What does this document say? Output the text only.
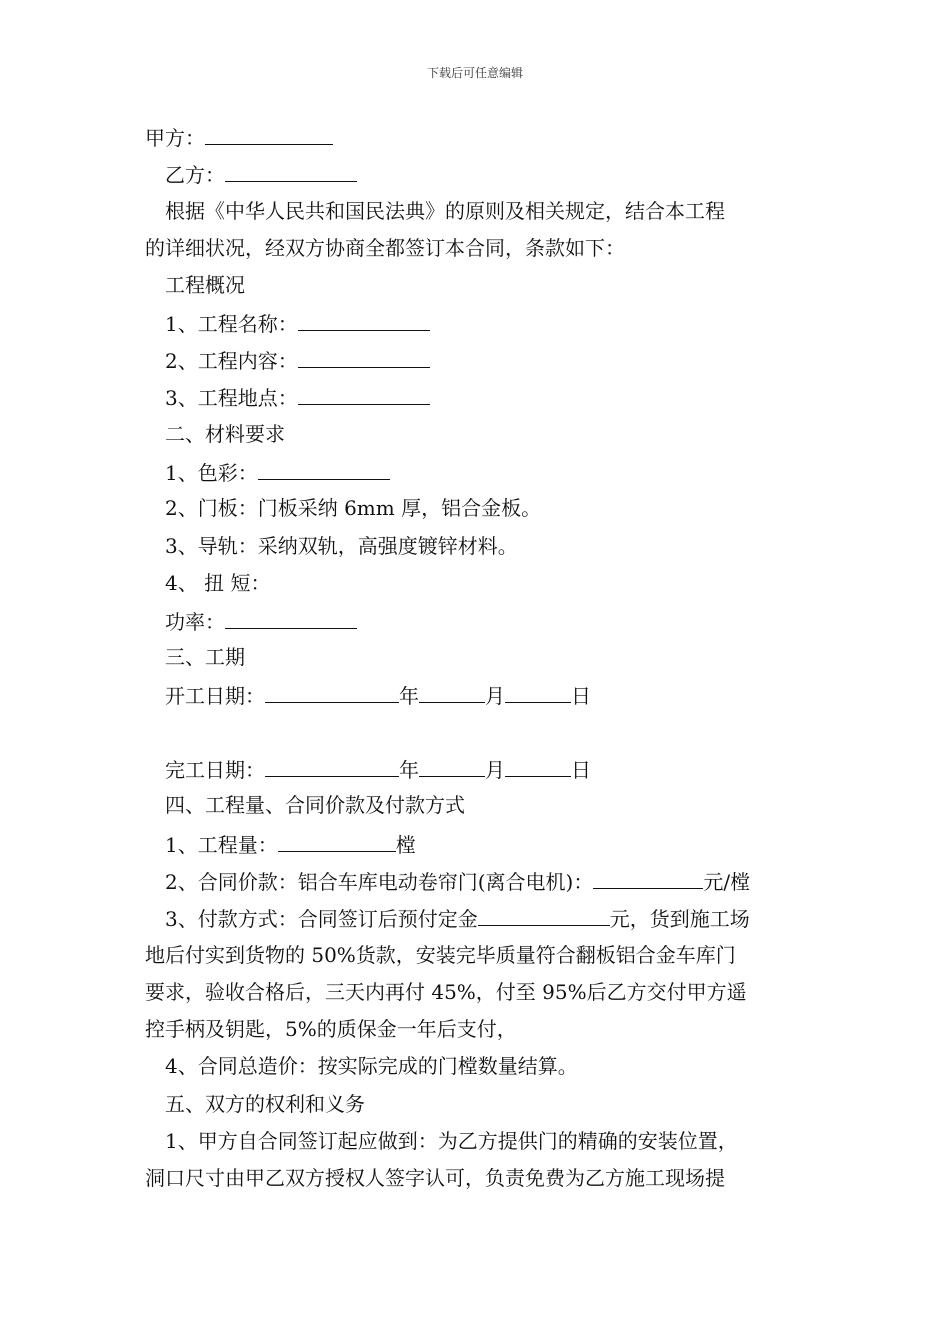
下载后可任意编辑
甲方：
乙方：
根据《中华人民共和国民法典》的原则及相关规定，结合本工程
的详细状况，经双方协商全都签订本合同，条款如下：
工程概况
1、工程名称：
2、工程内容：
3、工程地点：
二、材料要求
1、色彩：
2、门板：门板采纳 6mm 厚，铝合金板。
3、导轨：采纳双轨，高强度镀锌材料。
4、 扭 短：
功率：
三、工期
开工日期：	年	月	日
完工日期：	年	月	日
四、工程量、合同价款及付款方式
1、工程量：	樘
2、合同价款：铝合车库电动卷帘门(离合电机)：	元/樘
3、付款方式：合同签订后预付定金	元，货到施工场
地后付实到货物的 50%货款，安装完毕质量符合翻板铝合金车库门
要求，验收合格后，三天内再付 45%，付至 95%后乙方交付甲方遥
控手柄及钥匙，5%的质保金一年后支付，
4、合同总造价：按实际完成的门樘数量结算。
五、双方的权利和义务
1、甲方自合同签订起应做到：为乙方提供门的精确的安装位置，
洞口尺寸由甲乙双方授权人签字认可，负责免费为乙方施工现场提
